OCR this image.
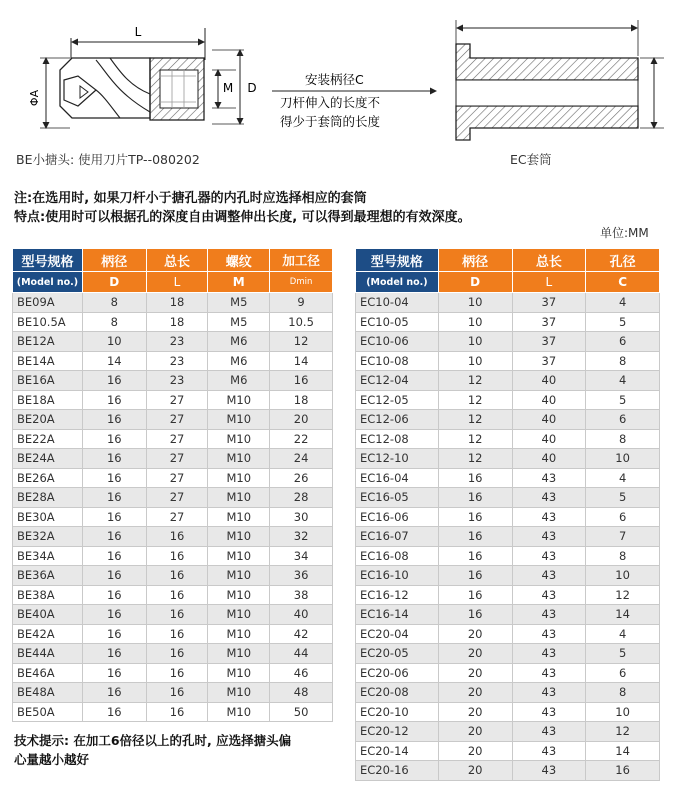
L
ΦA
M D
安装柄径C
刀杆伸入的长度不
得少于套筒的长度
BE小搪头: 使用刀片TP--080202	EC套筒
注:在选用时, 如果刀杆小于搪孔器的内孔时应选择相应的套筒
特点:使用时可以根据孔的深度自由调整伸出长度, 可以得到最理想的有效深度。
单位:MM
型号规格	柄径	总长	螺纹	加工径
(Model no.)	D	L	M	Dmin
BE09A	8	18	M5	9
BE10.5A	8	18	M5	10.5
BE12A	10	23	M6	12
BE14A	14	23	M6	14
BE16A	16	23	M6	16
BE18A	16	27	M10	18
BE20A	16	27	M10	20
BE22A	16	27	M10	22
BE24A	16	27	M10	24
BE26A	16	27	M10	26
BE28A	16	27	M10	28
BE30A	16	27	M10	30
BE32A	16	16	M10	32
BE34A	16	16	M10	34
BE36A	16	16	M10	36
BE38A	16	16	M10	38
BE40A	16	16	M10	40
BE42A	16	16	M10	42
BE44A	16	16	M10	44
BE46A	16	16	M10	46
BE48A	16	16	M10	48
BE50A	16	16	M10	50
型号规格	柄径	总长	孔径
(Model no.)	D	L	C
EC10-04	10	37	4
EC10-05	10	37	5
EC10-06	10	37	6
EC10-08	10	37	8
EC12-04	12	40	4
EC12-05	12	40	5
EC12-06	12	40	6
EC12-08	12	40	8
EC12-10	12	40	10
EC16-04	16	43	4
EC16-05	16	43	5
EC16-06	16	43	6
EC16-07	16	43	7
EC16-08	16	43	8
EC16-10	16	43	10
EC16-12	16	43	12
EC16-14	16	43	14
EC20-04	20	43	4
EC20-05	20	43	5
EC20-06	20	43	6
EC20-08	20	43	8
EC20-10	20	43	10
EC20-12	20	43	12
EC20-14	20	43	14
EC20-16	20	43	16
技术提示: 在加工6倍径以上的孔时, 应选择搪头偏
心量越小越好
